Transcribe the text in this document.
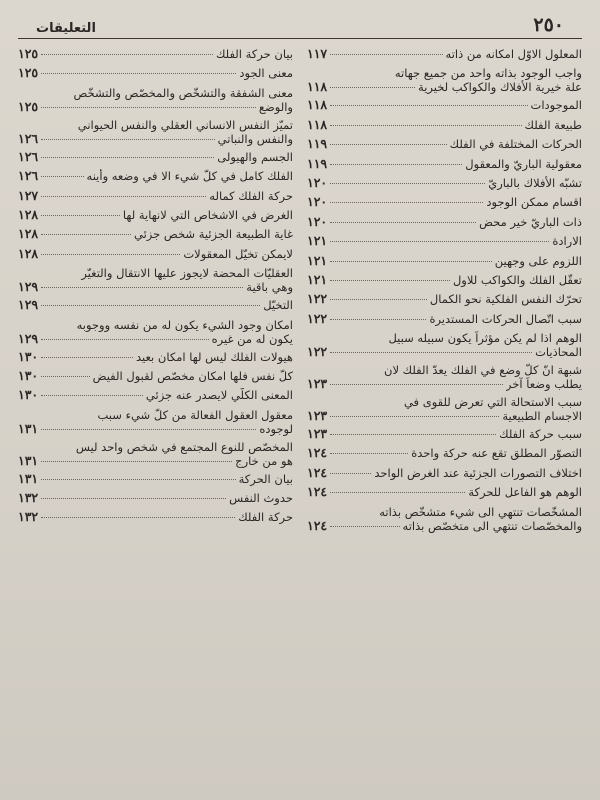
٢٥٠
التعليقات
المعلول الاوّل امكانه من ذاته
١١٧
واجب الوجود بذاته واحد من جميع جهاته
علة خيرية الأفلاك والكواكب لخيرية
١١٨
الموجودات
١١٨
طبيعة الفلك
١١٨
الحركات المختلفة في الفلك
١١٩
معقولية الباريّ والمعقول
١١٩
تشبّه الأفلاك بالباريّ
١٢٠
اقسام ممكن الوجود
١٢٠
ذات الباريّ خير محض
١٢٠
الارادة
١٢١
اللزوم على وجهين
١٢١
تعقّل الفلك والكواكب للاول
١٢١
تحرّك النفس الفلكية نحو الكمال
١٢٢
سبب اتّصال الحركات المستديرة
١٢٢
الوهم اذا لم يكن مؤثراً يكون سبيله سبيل
المحاذيات
١٢٢
شبهة انّ كلّ وضع في الفلك يعدّ الفلك لان
يطلب وضعاً آخر
١٢٣
سبب الاستحالة التي تعرض للقوى في
الاجسام الطبيعية
١٢٣
سبب حركة الفلك
١٢٣
التصوّر المطلق تقع عنه حركة واحدة
١٢٤
اختلاف التصورات الجزئية عند الغرض الواحد
١٢٤
الوهم هو الفاعل للحركة
١٢٤
المشخّصات تنتهي الى شيء متشخّص بذاته
والمخصّصات تنتهي الى متخصّص بذاته
١٢٤
بيان حركة الفلك
١٢٥
معنى الجود
١٢٥
معنى الشفقة والتشخّص والمخصّص والتشخّص
والوضع
١٢٥
تميّز النفس الانساني العقلي والنفس الحيواني
والنفس والنباتي
١٢٦
الجسم والهيولى
١٢٦
الفلك كامل في كلّ شيء الا في وضعه وأينه
١٢٦
حركة الفلك كماله
١٢٧
الغرض في الاشخاص التي لانهاية لها
١٢٨
غاية الطبيعة الجزئية شخص جزئي
١٢٨
لايمكن تخيّل المعقولات
١٢٨
العقليّات المحضة لايجوز عليها الانتقال والتغيّر
وهي باقية
١٢٩
التخيّل
١٢٩
امكان وجود الشيء يكون له من نفسه ووجوبه
يكون له من غيره
١٢٩
هيولات الفلك ليس لها امكان بعيد
١٣٠
كلّ نفس فلها امكان مخصّص لقبول الفيض
١٣٠
المعنى الكلّي لايصدر عنه جزئي
١٣٠
معقول العقول الفعالة من كلّ شيء سبب
لوجوده
١٣١
المخصّص للنوع المجتمع في شخص واحد ليس
هو من خارج
١٣١
بيان الحركة
١٣١
حدوث النفس
١٣٢
حركة الفلك
١٣٢
